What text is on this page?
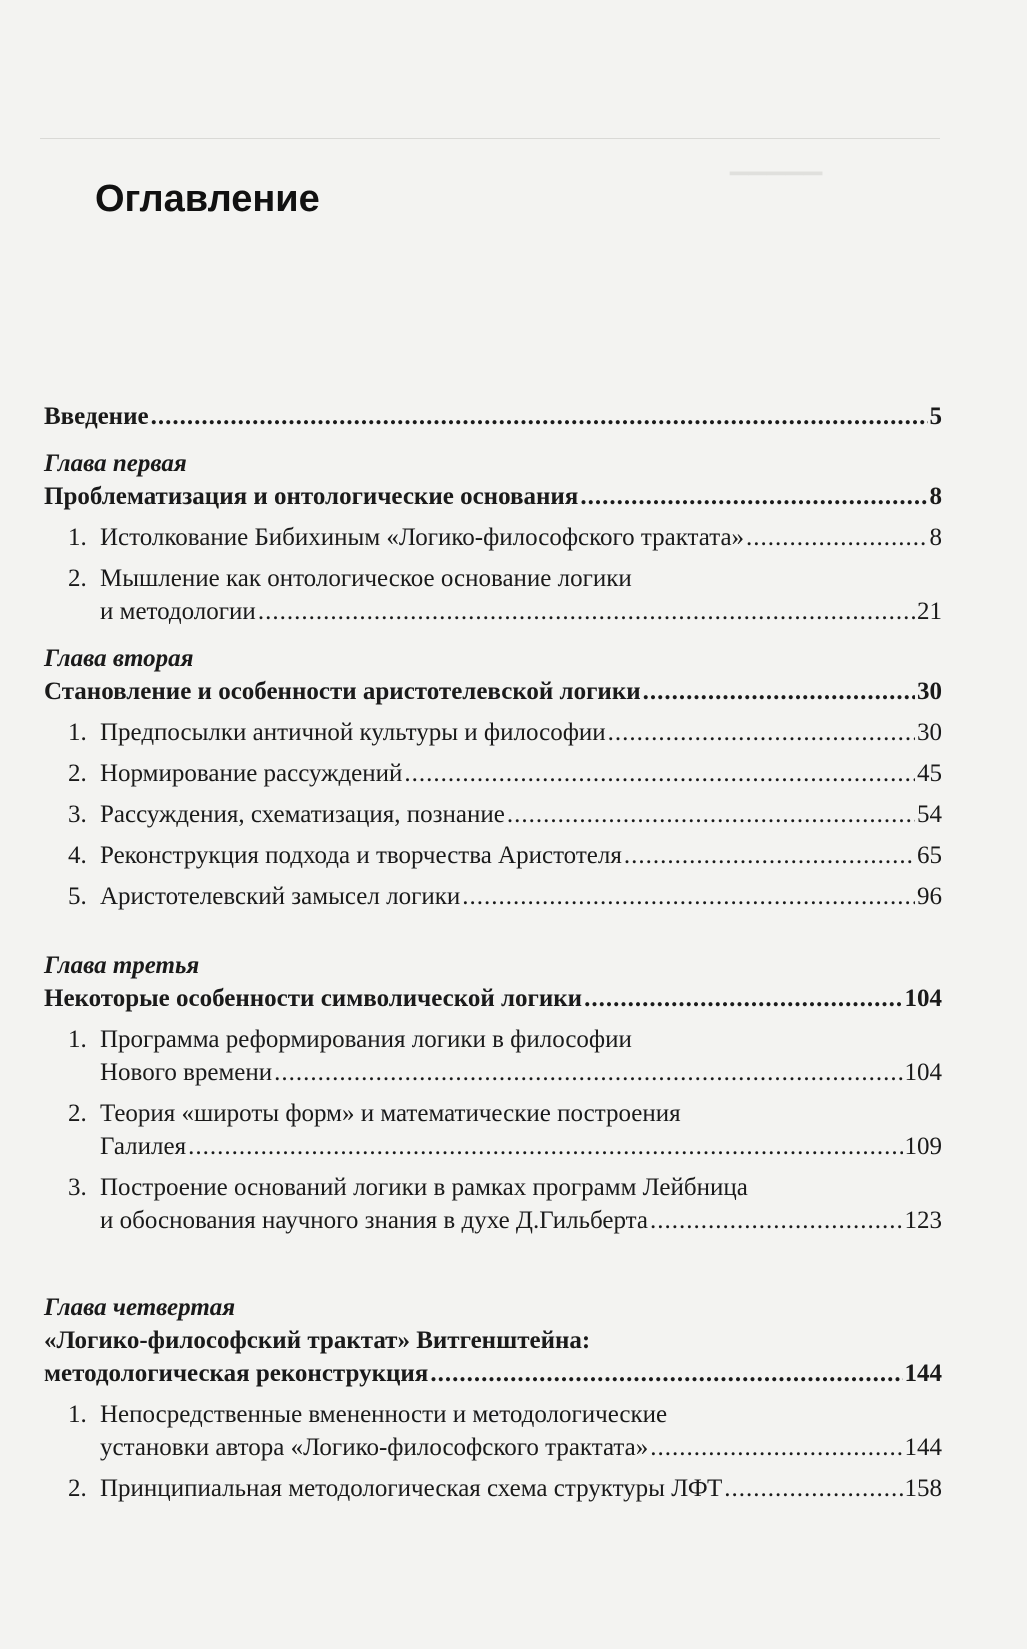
▔▔▔▔▔
Оглавление
Введение .....	5
Глава первая
Проблематизация и онтологические основания .....	8
1. Истолкование Бибихиным «Логико-философского трактата» .....	8
2. Мышление как онтологическое основание логики
и методологии .....	21
Глава вторая
Становление и особенности аристотелевской логики .....	30
1. Предпосылки античной культуры и философии .....	30
2. Нормирование рассуждений .....	45
3. Рассуждения, схематизация, познание .....	54
4. Реконструкция подхода и творчества Аристотеля .....	65
5. Аристотелевский замысел логики .....	96
Глава третья
Некоторые особенности символической логики .....	104
1. Программа реформирования логики в философии
Нового времени .....	104
2. Теория «широты форм» и математические построения
Галилея .....	109
3. Построение оснований логики в рамках программ Лейбница
и обоснования научного знания в духе Д.Гильберта .....	123
Глава четвертая
«Логико-философский трактат» Витгенштейна:
методологическая реконструкция .....	144
1. Непосредственные вмененности и методологические
установки автора «Логико-философского трактата» .....	144
2. Принципиальная методологическая схема структуры ЛФТ .....	158
